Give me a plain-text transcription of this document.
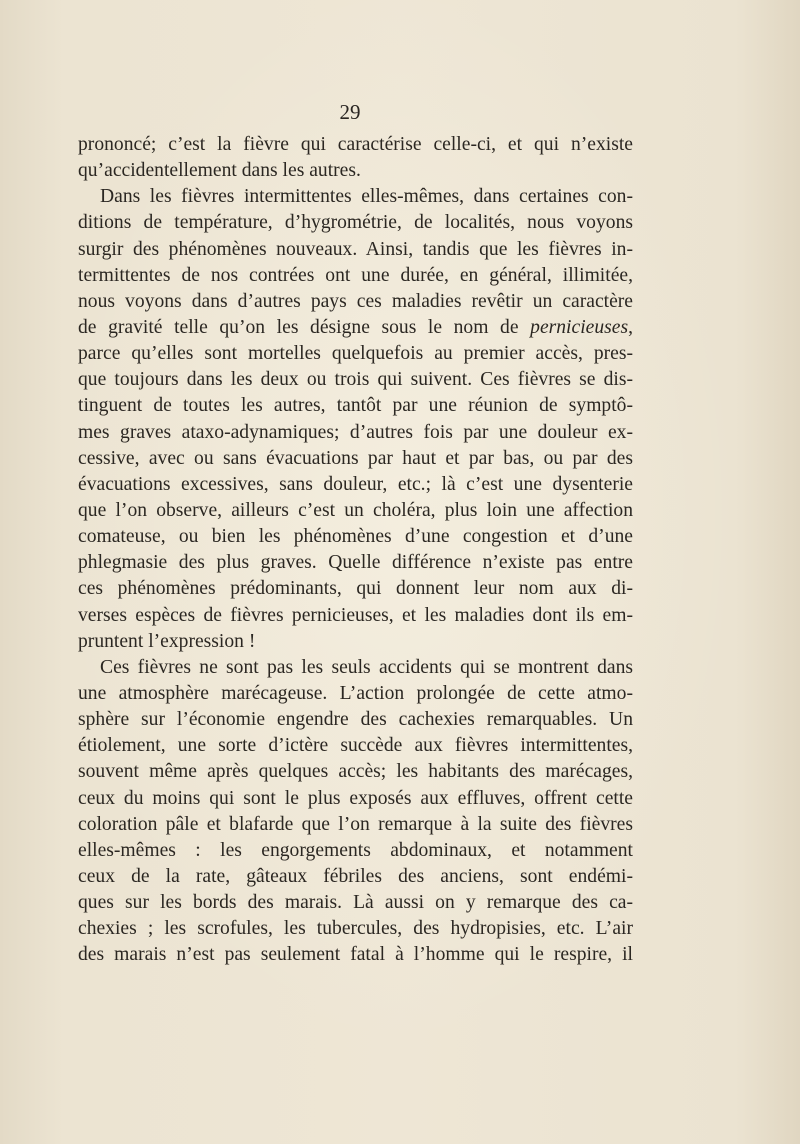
29
prononcé; c’est la fièvre qui caractérise celle-ci, et qui n’existe
qu’accidentellement dans les autres.
Dans les fièvres intermittentes elles-mêmes, dans certaines con-
ditions de température, d’hygrométrie, de localités, nous voyons
surgir des phénomènes nouveaux. Ainsi, tandis que les fièvres in-
termittentes de nos contrées ont une durée, en général, illimitée,
nous voyons dans d’autres pays ces maladies revêtir un caractère
de gravité telle qu’on les désigne sous le nom de pernicieuses,
parce qu’elles sont mortelles quelquefois au premier accès, pres-
que toujours dans les deux ou trois qui suivent. Ces fièvres se dis-
tinguent de toutes les autres, tantôt par une réunion de symptô-
mes graves ataxo-adynamiques; d’autres fois par une douleur ex-
cessive, avec ou sans évacuations par haut et par bas, ou par des
évacuations excessives, sans douleur, etc.; là c’est une dysenterie
que l’on observe, ailleurs c’est un choléra, plus loin une affection
comateuse, ou bien les phénomènes d’une congestion et d’une
phlegmasie des plus graves. Quelle différence n’existe pas entre
ces phénomènes prédominants, qui donnent leur nom aux di-
verses espèces de fièvres pernicieuses, et les maladies dont ils em-
pruntent l’expression !
Ces fièvres ne sont pas les seuls accidents qui se montrent dans
une atmosphère marécageuse. L’action prolongée de cette atmo-
sphère sur l’économie engendre des cachexies remarquables. Un
étiolement, une sorte d’ictère succède aux fièvres intermittentes,
souvent même après quelques accès; les habitants des marécages,
ceux du moins qui sont le plus exposés aux effluves, offrent cette
coloration pâle et blafarde que l’on remarque à la suite des fièvres
elles-mêmes : les engorgements abdominaux, et notamment
ceux de la rate, gâteaux fébriles des anciens, sont endémi-
ques sur les bords des marais. Là aussi on y remarque des ca-
chexies ; les scrofules, les tubercules, des hydropisies, etc. L’air
des marais n’est pas seulement fatal à l’homme qui le respire, il
